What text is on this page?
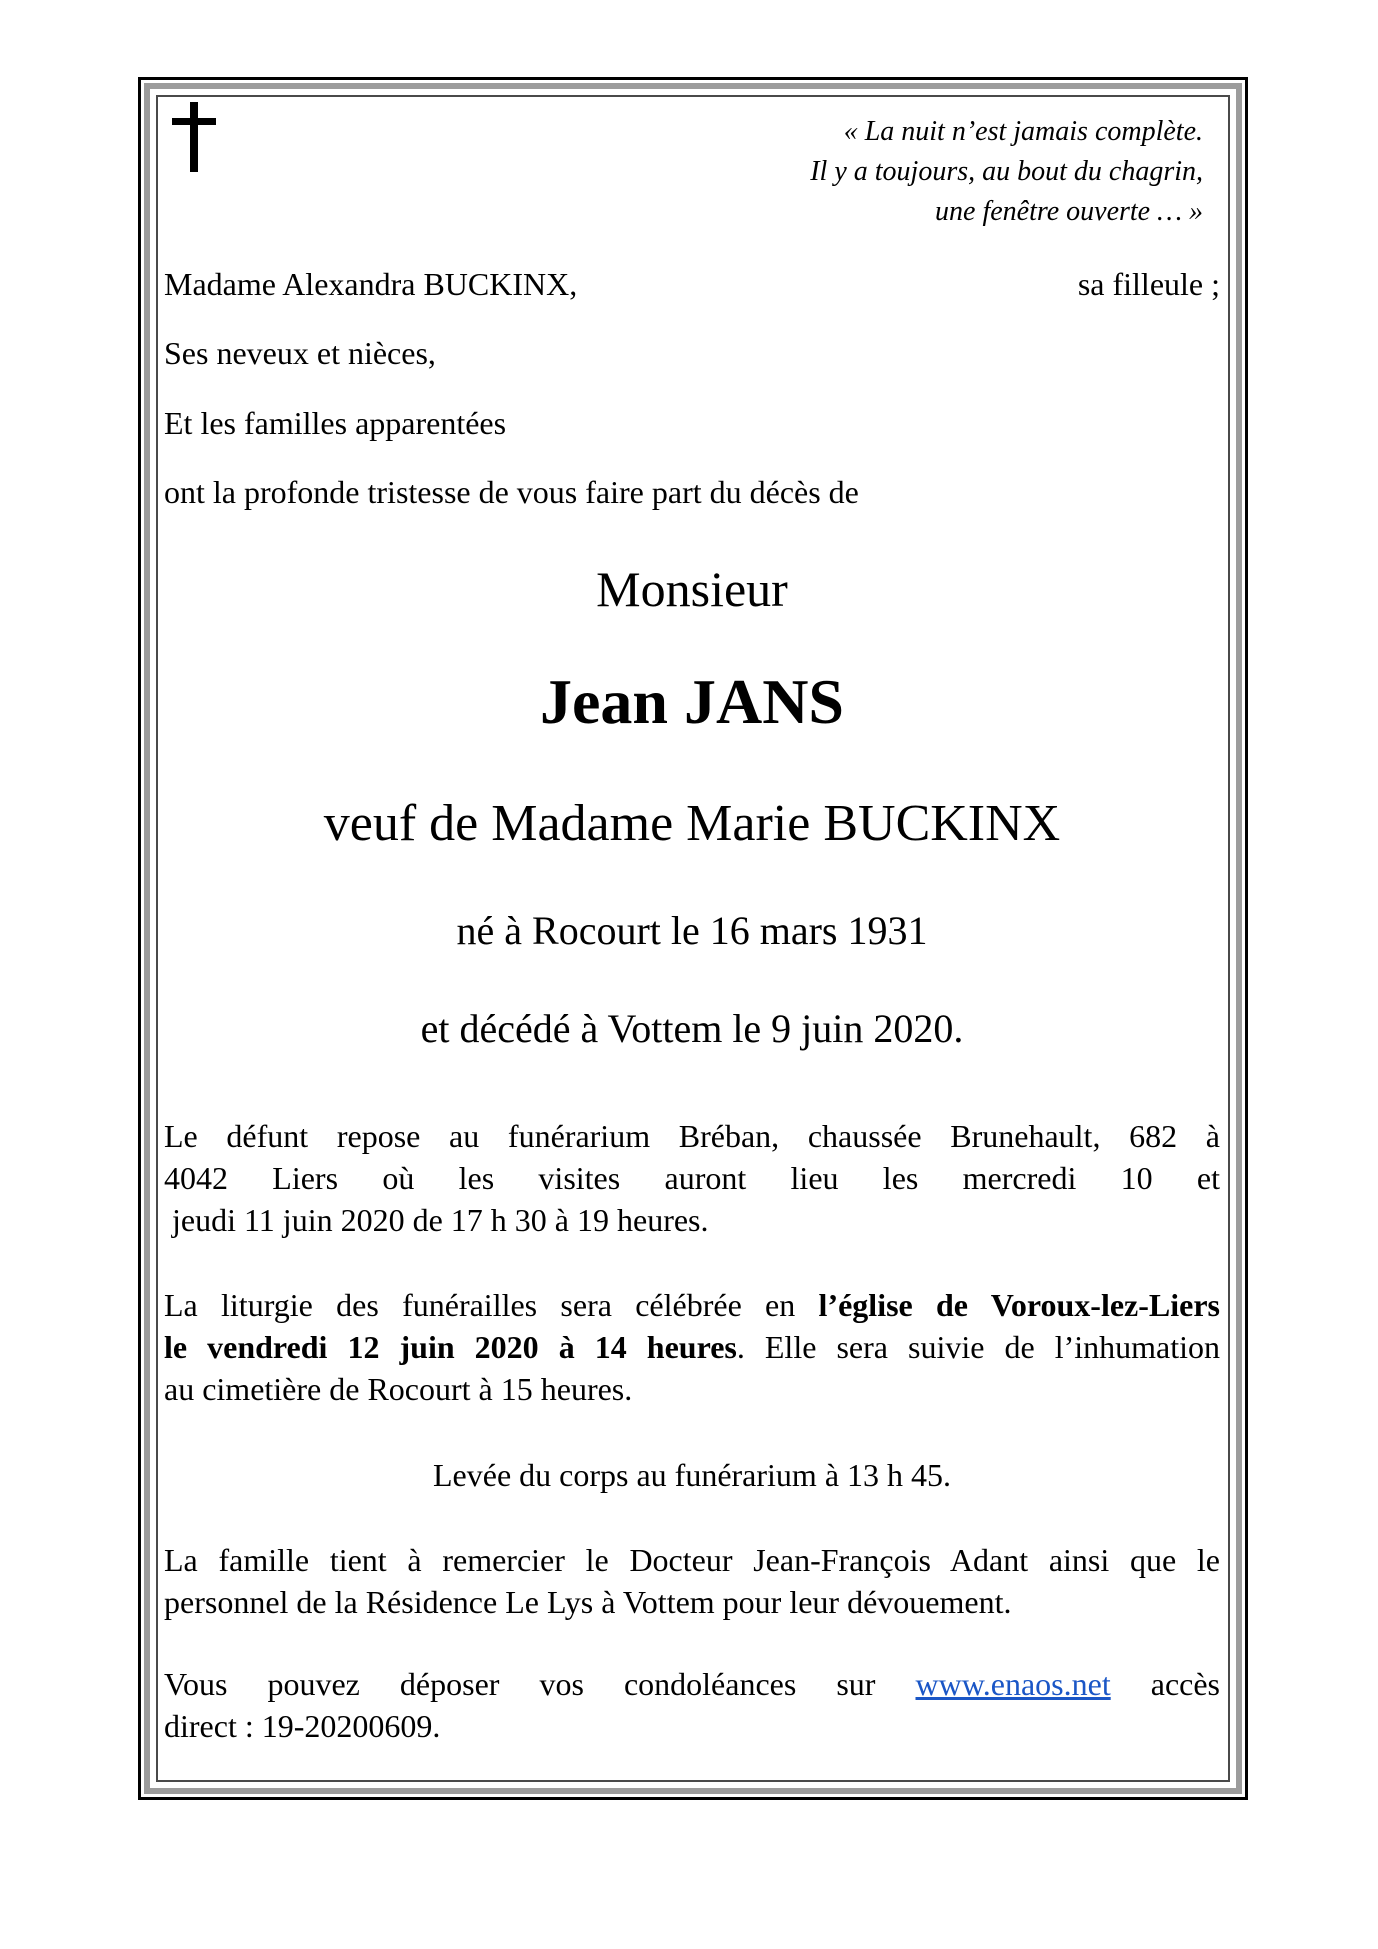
« La nuit n’est jamais complète.
Il y a toujours, au bout du chagrin,
une fenêtre ouverte … »
Madame Alexandra BUCKINX,	sa filleule ;
Ses neveux et nièces,
Et les familles apparentées
ont la profonde tristesse de vous faire part du décès de
Monsieur
Jean JANS
veuf de Madame Marie BUCKINX
né à Rocourt le 16 mars 1931
et décédé à Vottem le 9 juin 2020.
Le défunt repose au funérarium Bréban, chaussée Brunehault, 682 à
4042 Liers où les visites auront lieu les mercredi 10 et
jeudi 11 juin 2020 de 17 h 30 à 19 heures.
La liturgie des funérailles sera célébrée en l’église de Voroux-lez-Liers
le vendredi 12 juin 2020 à 14 heures. Elle sera suivie de l’inhumation
au cimetière de Rocourt à 15 heures.
Levée du corps au funérarium à 13 h 45.
La famille tient à remercier le Docteur Jean-François Adant ainsi que le
personnel de la Résidence Le Lys à Vottem pour leur dévouement.
Vous pouvez déposer vos condoléances sur www.enaos.net accès
direct : 19-20200609.
